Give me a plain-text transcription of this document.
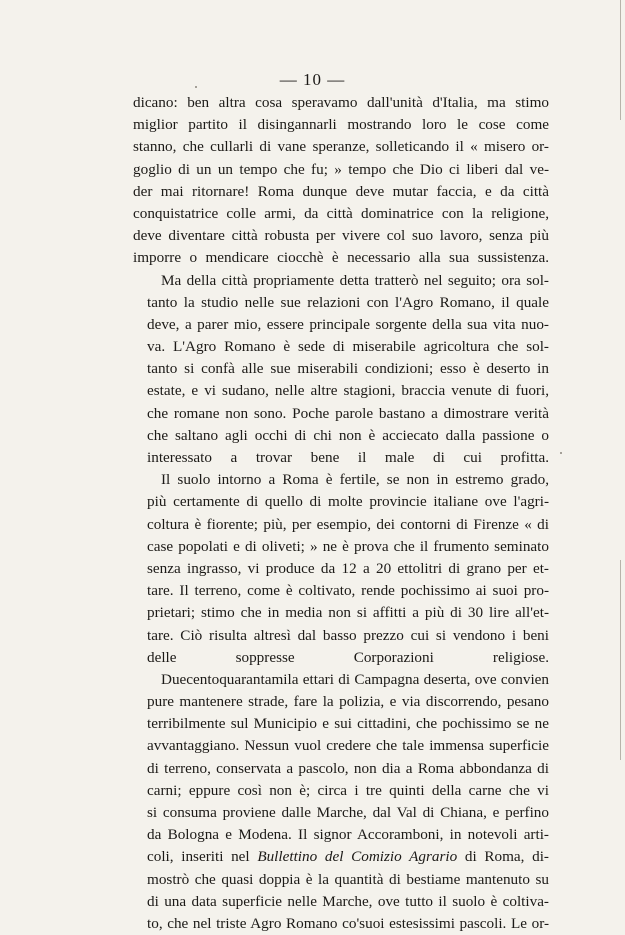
— 10 —

dicano: ben altra cosa speravamo dall'unità d'Italia, ma stimo
miglior partito il disingannarli mostrando loro le cose come
stanno, che cullarli di vane speranze, solleticando il « misero or-
goglio di un un tempo che fu; » tempo che Dio ci liberi dal ve-
der mai ritornare! Roma dunque deve mutar faccia, e da città
conquistatrice colle armi, da città dominatrice con la religione,
deve diventare città robusta per vivere col suo lavoro, senza più
imporre o mendicare ciocchè è necessario alla sua sussistenza.

Ma della città propriamente detta tratterò nel seguito; ora sol-
tanto la studio nelle sue relazioni con l'Agro Romano, il quale
deve, a parer mio, essere principale sorgente della sua vita nuo-
va. L'Agro Romano è sede di miserabile agricoltura che sol-
tanto si confà alle sue miserabili condizioni; esso è deserto in
estate, e vi sudano, nelle altre stagioni, braccia venute di fuori,
che romane non sono. Poche parole bastano a dimostrare verità
che saltano agli occhi di chi non è acciecato dalla passione o
interessato a trovar bene il male di cui profitta.

Il suolo intorno a Roma è fertile, se non in estremo grado,
più certamente di quello di molte provincie italiane ove l'agri-
coltura è fiorente; più, per esempio, dei contorni di Firenze « di
case popolati e di oliveti; » ne è prova che il frumento seminato
senza ingrasso, vi produce da 12 a 20 ettolitri di grano per et-
tare. Il terreno, come è coltivato, rende pochissimo ai suoi pro-
prietari; stimo che in media non si affitti a più di 30 lire all'et-
tare. Ciò risulta altresì dal basso prezzo cui si vendono i beni
delle soppresse Corporazioni religiose.

Duecentoquarantamila ettari di Campagna deserta, ove convien
pure mantenere strade, fare la polizia, e via discorrendo, pesano
terribilmente sul Municipio e sui cittadini, che pochissimo se ne
avvantaggiano. Nessun vuol credere che tale immensa superficie
di terreno, conservata a pascolo, non dia a Roma abbondanza di
carni; eppure così non è; circa i tre quinti della carne che vi
si consuma proviene dalle Marche, dal Val di Chiana, e perfino
da Bologna e Modena. Il signor Accoramboni, in notevoli arti-
coli, inseriti nel Bullettino del Comizio Agrario di Roma, di-
mostrò che quasi doppia è la quantità di bestiame mantenuto su
di una data superficie nelle Marche, ove tutto il suolo è coltiva-
to, che nel triste Agro Romano co'suoi estesissimi pascoli. Le or-
